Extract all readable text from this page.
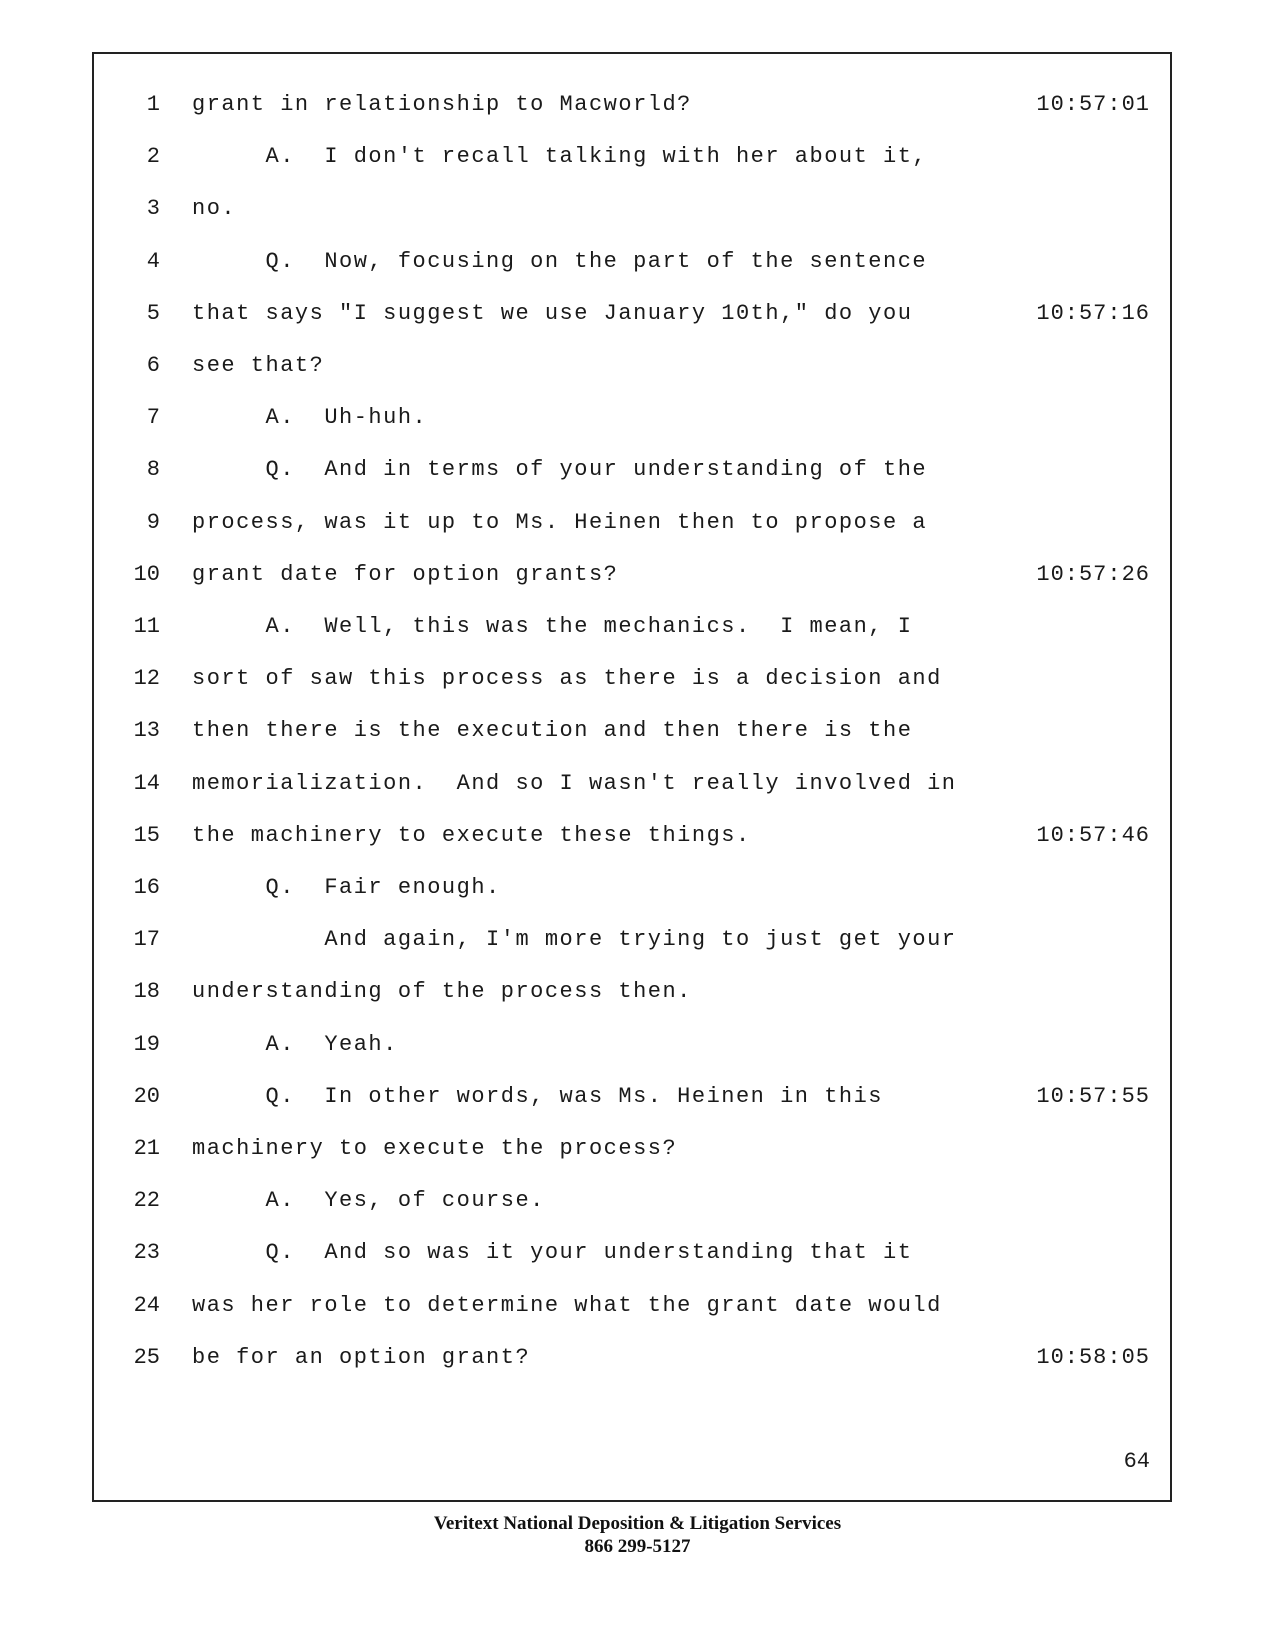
1 grant in relationship to Macworld?	10:57:01
2 A.  I don't recall talking with her about it,
3 no.
4 Q.  Now, focusing on the part of the sentence
5 that says "I suggest we use January 10th," do you	10:57:16
6 see that?
7 A.  Uh-huh.
8 Q.  And in terms of your understanding of the
9 process, was it up to Ms. Heinen then to propose a
10 grant date for option grants?	10:57:26
11 A.  Well, this was the mechanics.  I mean, I
12 sort of saw this process as there is a decision and
13 then there is the execution and then there is the
14 memorialization.  And so I wasn't really involved in
15 the machinery to execute these things.	10:57:46
16 Q.  Fair enough.
17 And again, I'm more trying to just get your
18 understanding of the process then.
19 A.  Yeah.
20 Q.  In other words, was Ms. Heinen in this	10:57:55
21 machinery to execute the process?
22 A.  Yes, of course.
23 Q.  And so was it your understanding that it
24 was her role to determine what the grant date would
25 be for an option grant?	10:58:05
64
Veritext National Deposition & Litigation Services
866 299-5127
